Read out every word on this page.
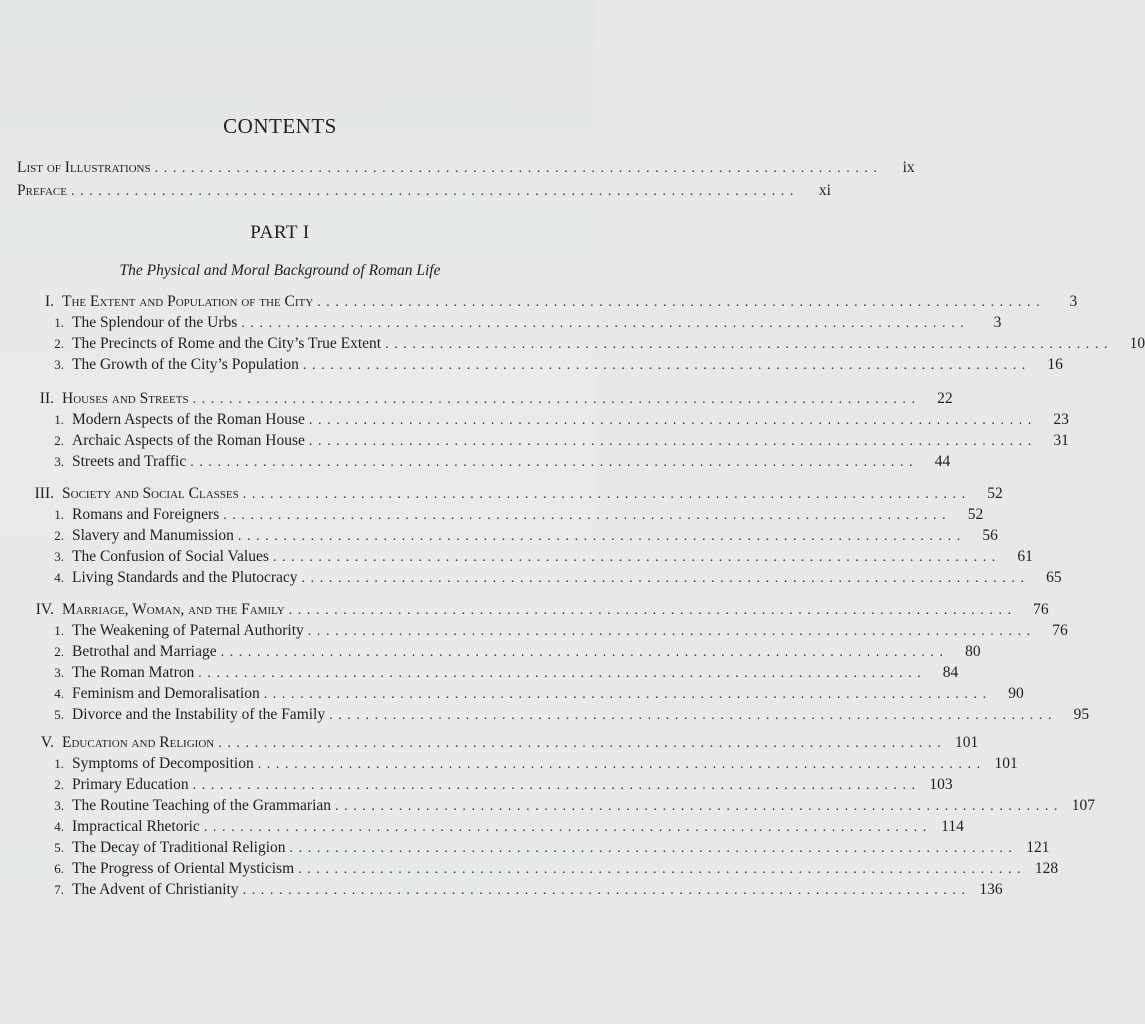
CONTENTS
List of Illustrations ................................................................................	ix
Preface ................................................................................	xi
PART I
The Physical and Moral Background of Roman Life
I. The Extent and Population of the City ................................................................................	3
1. The Splendour of the Urbs ................................................................................	3
2. The Precincts of Rome and the City’s True Extent ................................................................................	10
3. The Growth of the City’s Population ................................................................................	16
II. Houses and Streets ................................................................................	22
1. Modern Aspects of the Roman House ................................................................................	23
2. Archaic Aspects of the Roman House ................................................................................	31
3. Streets and Traffic ................................................................................	44
III. Society and Social Classes ................................................................................	52
1. Romans and Foreigners ................................................................................	52
2. Slavery and Manumission ................................................................................	56
3. The Confusion of Social Values ................................................................................	61
4. Living Standards and the Plutocracy ................................................................................	65
IV. Marriage, Woman, and the Family ................................................................................	76
1. The Weakening of Paternal Authority ................................................................................	76
2. Betrothal and Marriage ................................................................................	80
3. The Roman Matron ................................................................................	84
4. Feminism and Demoralisation ................................................................................	90
5. Divorce and the Instability of the Family ................................................................................	95
V. Education and Religion ................................................................................ 101
1. Symptoms of Decomposition ................................................................................ 101
2. Primary Education ................................................................................ 103
3. The Routine Teaching of the Grammarian ................................................................................ 107
4. Impractical Rhetoric ................................................................................ 114
5. The Decay of Traditional Religion ................................................................................ 121
6. The Progress of Oriental Mysticism ................................................................................ 128
7. The Advent of Christianity ................................................................................ 136
